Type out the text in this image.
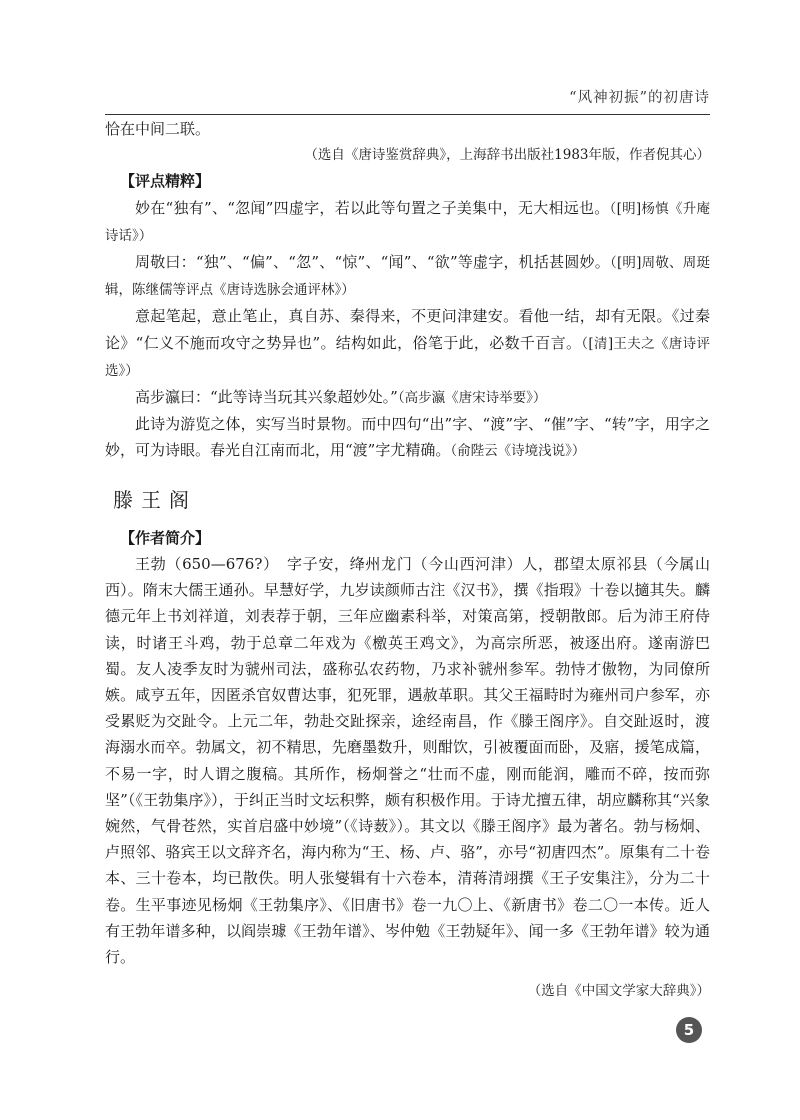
“风神初振”的初唐诗

恰在中间二联。

（选自《唐诗鉴赏辞典》，上海辞书出版社1983年版，作者倪其心）

【评点精粹】

妙在“独有”、“忽闻”四虚字，若以此等句置之子美集中，无大相远也。（[明]杨慎《升庵诗话》）

周敬曰：“独”、“偏”、“忽”、“惊”、“闻”、“欲”等虚字，机括甚圆妙。（[明]周敬、周珽辑，陈继儒等评点《唐诗选脉会通评林》）

意起笔起，意止笔止，真自苏、秦得来，不更问津建安。看他一结，却有无限。《过秦论》“仁义不施而攻守之势异也”。结构如此，俗笔于此，必数千百言。（[清]王夫之《唐诗评选》）

高步瀛曰：“此等诗当玩其兴象超妙处。”（高步瀛《唐宋诗举要》）

此诗为游览之体，实写当时景物。而中四句“出”字、“渡”字、“催”字、“转”字，用字之妙，可为诗眼。春光自江南而北，用“渡”字尤精确。（俞陛云《诗境浅说》）

滕王阁

【作者简介】

王勃（650—676?）　字子安，绛州龙门（今山西河津）人，郡望太原祁县（今属山西）。隋末大儒王通孙。早慧好学，九岁读颜师古注《汉书》，撰《指瑕》十卷以擿其失。麟德元年上书刘祥道，刘表荐于朝，三年应幽素科举，对策高第，授朝散郎。后为沛王府侍读，时诸王斗鸡，勃于总章二年戏为《檄英王鸡文》，为高宗所恶，被逐出府。遂南游巴蜀。友人凌季友时为虢州司法，盛称弘农药物，乃求补虢州参军。勃恃才傲物，为同僚所嫉。咸亨五年，因匿杀官奴曹达事，犯死罪，遇赦革职。其父王福畤时为雍州司户参军，亦受累贬为交趾令。上元二年，勃赴交趾探亲，途经南昌，作《滕王阁序》。自交趾返时，渡海溺水而卒。勃属文，初不精思，先磨墨数升，则酣饮，引被覆面而卧，及寤，援笔成篇，不易一字，时人谓之腹稿。其所作，杨炯誉之“壮而不虚，刚而能润，雕而不碎，按而弥坚”（《王勃集序》），于纠正当时文坛积弊，颇有积极作用。于诗尤擅五律，胡应麟称其“兴象婉然，气骨苍然，实首启盛中妙境”（《诗薮》）。其文以《滕王阁序》最为著名。勃与杨炯、卢照邻、骆宾王以文辞齐名，海内称为“王、杨、卢、骆”，亦号“初唐四杰”。原集有二十卷本、三十卷本，均已散佚。明人张燮辑有十六卷本，清蒋清翊撰《王子安集注》，分为二十卷。生平事迹见杨炯《王勃集序》、《旧唐书》卷一九〇上、《新唐书》卷二〇一本传。近人有王勃年谱多种，以阎崇璩《王勃年谱》、岑仲勉《王勃疑年》、闻一多《王勃年谱》较为通行。

（选自《中国文学家大辞典》）

5
